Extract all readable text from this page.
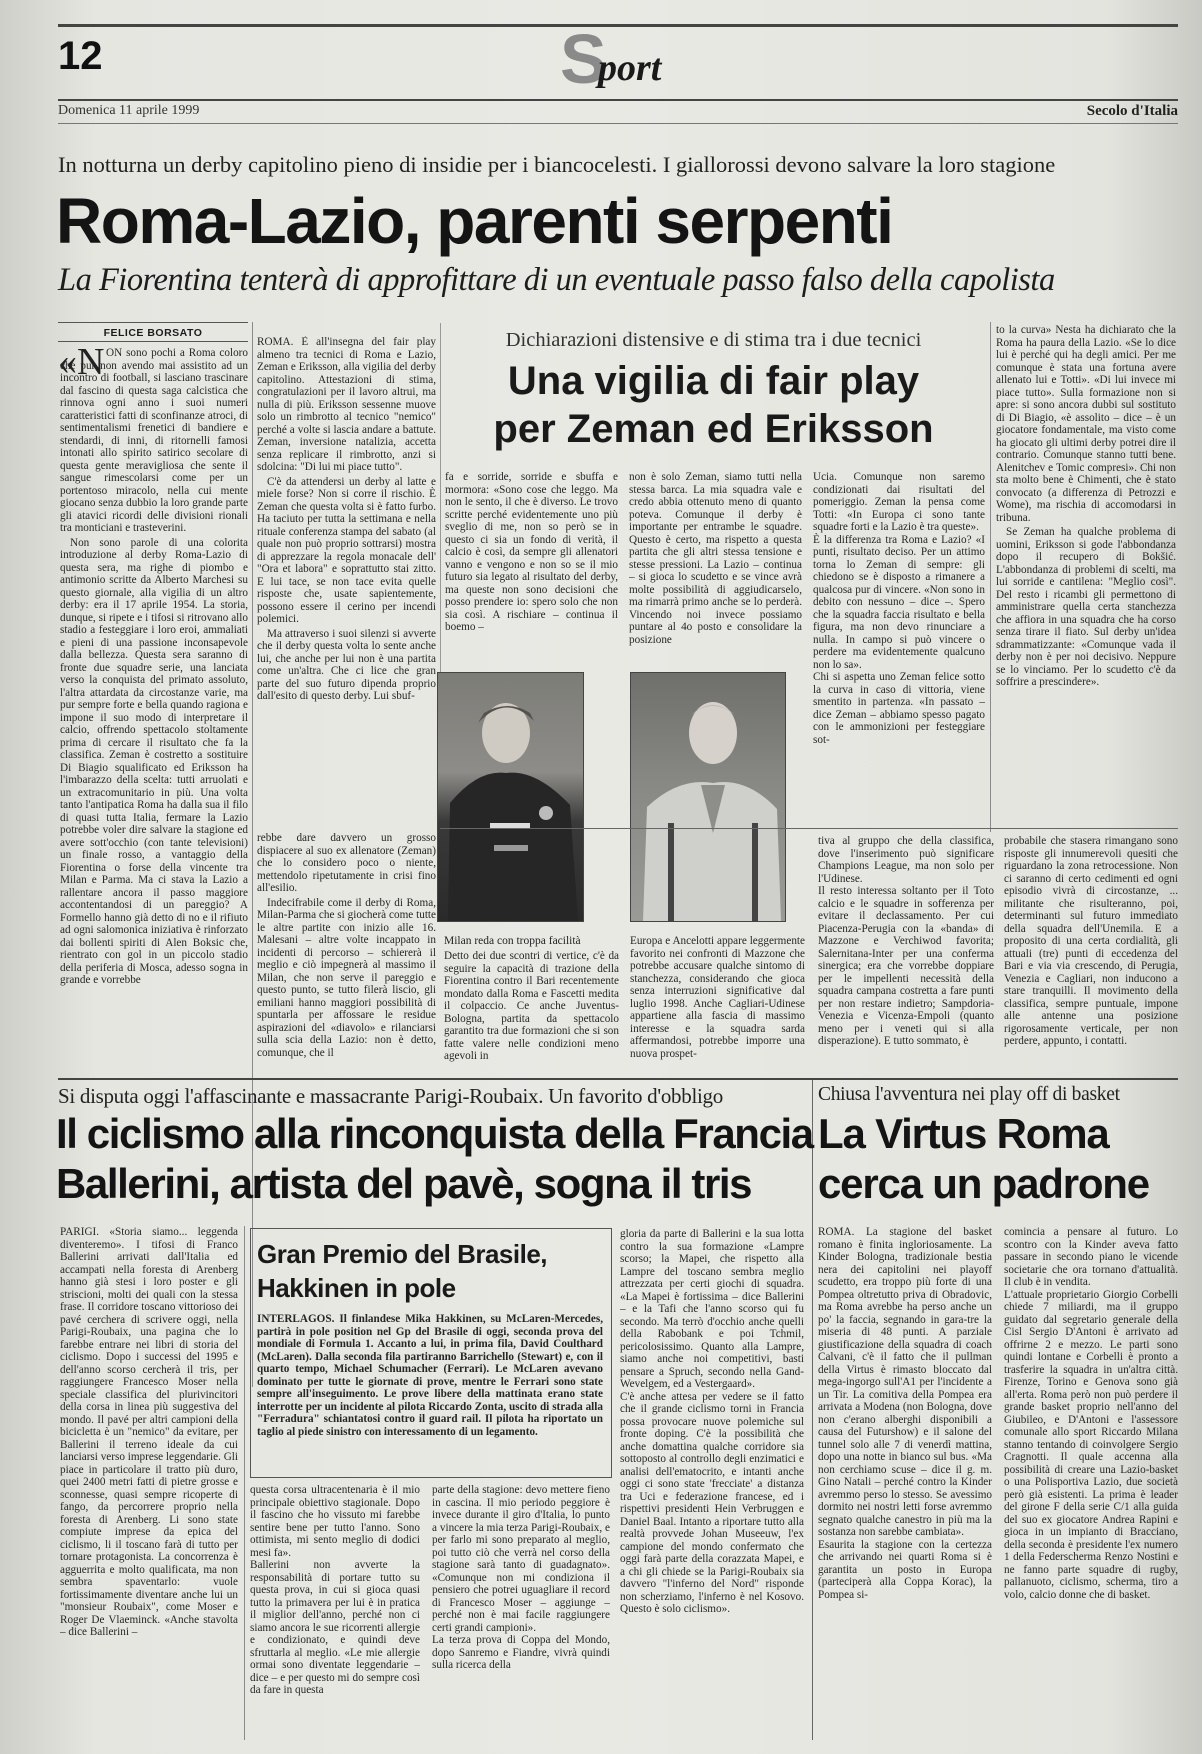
12	S
port
Domenica 11 aprile 1999	Secolo d'Italia
In notturna un derby capitolino pieno di insidie per i biancocelesti. I giallorossi devono salvare la loro stagione
Roma-Lazio, parenti serpenti
La Fiorentina tenterà di approfittare di un eventuale passo falso della capolista
FELICE BORSATO
«N ON sono pochi a Roma coloro che pur non avendo mai assistito ad un incontro di football, si lasciano trascinare dal fascino di questa saga calcistica che rinnova ogni anno i suoi numeri caratteristici fatti di sconfinanze atroci, di sentimentalismi frenetici di bandiere e stendardi, di inni, di ritornelli famosi intonati allo spirito satirico secolare di questa gente meravigliosa che sente il sangue rimescolarsi come per un portentoso miracolo, nella cui mente giocano senza dubbio la loro grande parte gli atavici ricordi delle divisioni rionali tra monticiani e trasteverini.

Non sono parole di una colorita introduzione al derby Roma-Lazio di questa sera, ma righe di piombo e antimonio scritte da Alberto Marchesi su questo giornale, alla vigilia di un altro derby: era il 17 aprile 1954. La storia, dunque, si ripete e i tifosi si ritrovano allo stadio a festeggiare i loro eroi, ammaliati e pieni di una passione inconsapevole dalla bellezza. Questa sera saranno di fronte due squadre serie, una lanciata verso la conquista del primato assoluto, l'altra attardata da circostanze varie, ma pur sempre forte e bella quando ragiona e impone il suo modo di interpretare il calcio, offrendo spettacolo stoltamente prima di cercare il risultato che fa la classifica. Zeman è costretto a sostituire Di Biagio squalificato ed Eriksson ha l'imbarazzo della scelta: tutti arruolati e un extracomunitario in più. Una volta tanto l'antipatica Roma ha dalla sua il filo di quasi tutta Italia, fermare la Lazio potrebbe voler dire salvare la stagione ed avere sott'occhio (con tante televisioni) un finale rosso, a vantaggio della Fiorentina o forse della vincente tra Milan e Parma. Ma ci stava la Lazio a rallentare ancora il passo maggiore accontentandosi di un pareggio? A Formello hanno già detto di no e il rifiuto ad ogni salomonica iniziativa è rinforzato dai bollenti spiriti di Alen Boksic che, rientrato con gol in un piccolo stadio della periferia di Mosca, adesso sogna in grande e vorrebbe

ROMA. È all'insegna del fair play almeno tra tecnici di Roma e Lazio, Zeman e Eriksson, alla vigilia del derby capitolino. Attestazioni di stima, congratulazioni per il lavoro altrui, ma nulla di più. Eriksson sessenne muove solo un rimbrotto al tecnico "nemico" perché a volte si lascia andare a battute. Zeman, inversione natalizia, accetta senza replicare il rimbrotto, anzi si sdolcina: "Di lui mi piace tutto".

C'è da attendersi un derby al latte e miele forse? Non si corre il rischio. È Zeman che questa volta si è fatto furbo. Ha taciuto per tutta la settimana e nella rituale conferenza stampa del sabato (al quale non può proprio sottrarsi) mostra di apprezzare la regola monacale dell' "Ora et labora" e soprattutto stai zitto. E lui tace, se non tace evita quelle risposte che, usate sapientemente, possono essere il cerino per incendi polemici.

Ma attraverso i suoi silenzi si avverte che il derby questa volta lo sente anche lui, che anche per lui non è una partita come un'altra. Che ci lice che gran parte del suo futuro dipenda proprio dall'esito di questo derby. Lui sbuf-

Dichiarazioni distensive e di stima tra i due tecnici
Una vigilia di fair play
per Zeman ed Eriksson
fa e sorride, sorride e sbuffa e mormora: «Sono cose che leggo. Ma non le sento, il che è diverso. Le trovo scritte perché evidentemente uno più sveglio di me, non so però se in questo ci sia un fondo di verità, il calcio è così, da sempre gli allenatori vanno e vengono e non so se il mio futuro sia legato al risultato del derby, ma queste non sono decisioni che posso prendere io: spero solo che non sia così. A rischiare – continua il boemo –
non è solo Zeman, siamo tutti nella stessa barca. La mia squadra vale e credo abbia ottenuto meno di quanto poteva. Comunque il derby è importante per entrambe le squadre. Questo è certo, ma rispetto a questa partita che gli altri stessa tensione e stesse pressioni. La Lazio – continua – si gioca lo scudetto e se vince avrà molte possibilità di aggiudicarselo, ma rimarrà primo anche se lo perderà. Vincendo noi invece possiamo puntare al 4o posto e consolidare la posizione
Ucia. Comunque non saremo condizionati dai risultati del pomeriggio. Zeman la pensa come Totti: «In Europa ci sono tante squadre forti e la Lazio è tra queste».
È la differenza tra Roma e Lazio? «I punti, risultato deciso. Per un attimo torna lo Zeman di sempre: gli chiedono se è disposto a rimanere a qualcosa pur di vincere. «Non sono in debito con nessuno – dice –. Spero che la squadra faccia risultato e bella figura, ma non devo rinunciare a nulla. In campo si può vincere o perdere ma evidentemente qualcuno non lo sa».
Chi si aspetta uno Zeman felice sotto la curva in caso di vittoria, viene smentito in partenza. «In passato – dice Zeman – abbiamo spesso pagato con le ammonizioni per festeggiare sot-

to la curva» Nesta ha dichiarato che la Roma ha paura della Lazio. «Se lo dice lui è perché qui ha degli amici. Per me comunque è stata una fortuna avere allenato lui e Totti». «Di lui invece mi piace tutto». Sulla formazione non si apre: si sono ancora dubbi sul sostituto di Di Biagio, «è assolito – dice – è un giocatore fondamentale, ma visto come ha giocato gli ultimi derby potrei dire il contrario. Comunque stanno tutti bene. Alenitchev e Tomic compresi». Chi non sta molto bene è Chimenti, che è stato convocato (a differenza di Petrozzi e Wome), ma rischia di accomodarsi in tribuna.

Se Zeman ha qualche problema di uomini, Eriksson si gode l'abbondanza dopo il recupero di Bokšić. L'abbondanza di problemi di scelti, ma lui sorride e cantilena: "Meglio così". Del resto i ricambi gli permettono di amministrare quella certa stanchezza che affiora in una squadra che ha corso senza tirare il fiato. Sul derby un'idea sdrammatizzante: «Comunque vada il derby non è per noi decisivo. Neppure se lo vinciamo. Per lo scudetto c'è da soffrire a prescindere».

rebbe dare davvero un grosso dispiacere al suo ex allenatore (Zeman) che lo considero poco o niente, mettendolo ripetutamente in crisi fino all'esilio.

Indecifrabile come il derby di Roma, Milan-Parma che si giocherà come tutte le altre partite con inizio alle 16. Malesani – altre volte incappato in incidenti di percorso – schiererà il meglio e ciò impegnerà al massimo il Milan, che non serve il pareggio e questo punto, se tutto filerà liscio, gli emiliani hanno maggiori possibilità di spuntarla per affossare le residue aspirazioni del «diavolo» e rilanciarsi sulla scia della Lazio: non è detto, comunque, che il

Milan reda con troppa facilità
Detto dei due scontri di vertice, c'è da seguire la capacità di trazione della Fiorentina contro il Bari recentemente mondato dalla Roma e Fascetti medita il colpaccio. Ce anche Juventus-Bologna, partita da spettacolo garantito tra due formazioni che si son fatte valere nelle condizioni meno agevoli in
Europa e Ancelotti appare leggermente favorito nei confronti di Mazzone che potrebbe accusare qualche sintomo di stanchezza, considerando che gioca senza interruzioni significative dal luglio 1998. Anche Cagliari-Udinese appartiene alla fascia di massimo interesse e la squadra sarda affermandosi, potrebbe imporre una nuova prospet-
tiva al gruppo che della classifica, dove l'inserimento può significare Champions League, ma non solo per l'Udinese.
Il resto interessa soltanto per il Toto calcio e le squadre in sofferenza per evitare il declassamento. Per cui Piacenza-Perugia con la «banda» di Mazzone e Verchiwod favorita; Salernitana-Inter per una conferma sinergica; era che vorrebbe doppiare per le impellenti necessità della squadra campana costretta a fare punti per non restare indietro; Sampdoria-Venezia e Vicenza-Empoli (quanto meno per i veneti qui si alla disperazione). E tutto sommato, è
probabile che stasera rimangano sono risposte gli innumerevoli quesiti che riguardano la zona retrocessione. Non ci saranno di certo cedimenti ed ogni episodio vivrà di circostanze, ... militante che risulteranno, poi, determinanti sul futuro immediato della squadra dell'Unemila. E a proposito di una certa cordialità, gli attuali (tre) punti di eccedenza del Bari e via via crescendo, di Perugia, Venezia e Cagliari, non inducono a stare tranquilli. Il movimento della classifica, sempre puntuale, impone alle antenne una posizione rigorosamente verticale, per non perdere, appunto, i contatti.
Si disputa oggi l'affascinante e massacrante Parigi-Roubaix. Un favorito d'obbligo
Il ciclismo alla rinconquista della Francia
Ballerini, artista del pavè, sogna il tris
PARIGI. «Storia siamo... leggenda diventeremo». I tifosi di Franco Ballerini arrivati dall'Italia ed accampati nella foresta di Arenberg hanno già stesi i loro poster e gli striscioni, molti dei quali con la stessa frase. Il corridore toscano vittorioso dei pavé cerchera di scrivere oggi, nella Parigi-Roubaix, una pagina che lo farebbe entrare nei libri di storia del ciclismo. Dopo i successi del 1995 e dell'anno scorso cercherà il tris, per raggiungere Francesco Moser nella speciale classifica del plurivincitori della corsa in linea più suggestiva del mondo. Il pavé per altri campioni della bicicletta è un "nemico" da evitare, per Ballerini il terreno ideale da cui lanciarsi verso imprese leggendarie. Gli piace in particolare il tratto più duro, quei 2400 metri fatti di pietre grosse e sconnesse, quasi sempre ricoperte di fango, da percorrere proprio nella foresta di Arenberg. Li sono state compiute imprese da epica del ciclismo, li il toscano farà di tutto per tornare protagonista. La concorrenza è agguerrita e molto qualificata, ma non sembra spaventarlo: vuole fortissimamente diventare anche lui un "monsieur Roubaix", come Moser e Roger De Vlaeminck. «Anche stavolta – dice Ballerini –
Gran Premio del Brasile,
Hakkinen in pole
INTERLAGOS. Il finlandese Mika Hakkinen, su McLaren-Mercedes, partirà in pole position nel Gp del Brasile di oggi, seconda prova del mondiale di Formula 1. Accanto a lui, in prima fila, David Coulthard (McLaren). Dalla seconda fila partiranno Barrichello (Stewart) e, con il quarto tempo, Michael Schumacher (Ferrari). Le McLaren avevano dominato per tutte le giornate di prove, mentre le Ferrari sono state sempre all'inseguimento. Le prove libere della mattinata erano state interrotte per un incidente al pilota Riccardo Zonta, uscito di strada alla "Ferradura" schiantatosi contro il guard rail. Il pilota ha riportato un taglio al piede sinistro con interessamento di un legamento.
questa corsa ultracentenaria è il mio principale obiettivo stagionale. Dopo il fascino che ho vissuto mi farebbe sentire bene per tutto l'anno. Sono ottimista, mi sento meglio di dodici mesi fa».
Ballerini non avverte la responsabilità di portare tutto su questa prova, in cui si gioca quasi tutto la primavera per lui è in pratica il miglior dell'anno, perché non ci siamo ancora le sue ricorrenti allergie e condizionato, e quindi deve sfruttarla al meglio. «Le mie allergie ormai sono diventate leggendarie – dice – e per questo mi do sempre così da fare in questa
parte della stagione: devo mettere fieno in cascina. Il mio periodo peggiore è invece durante il giro d'Italia, lo punto a vincere la mia terza Parigi-Roubaix, e per farlo mi sono preparato al meglio, poi tutto ciò che verrà nel corso della stagione sarà tanto di guadagnato». «Comunque non mi condiziona il pensiero che potrei uguagliare il record di Francesco Moser – aggiunge – perché non è mai facile raggiungere certi grandi campioni».
La terza prova di Coppa del Mondo, dopo Sanremo e Fiandre, vivrà quindi sulla ricerca della
gloria da parte di Ballerini e la sua lotta contro la sua formazione «Lampre scorso; la Mapei, che rispetto alla Lampre del toscano sembra meglio attrezzata per certi giochi di squadra. «La Mapei è fortissima – dice Ballerini – e la Tafi che l'anno scorso qui fu secondo. Ma terrò d'occhio anche quelli della Rabobank e poi Tchmil, pericolosissimo. Quanto alla Lampre, siamo anche noi competitivi, basti pensare a Spruch, secondo nella Gand-Wevelgem, ed a Vestergaard».
C'è anche attesa per vedere se il fatto che il grande ciclismo torni in Francia possa provocare nuove polemiche sul fronte doping. C'è la possibilità che anche domattina qualche corridore sia sottoposto al controllo degli enzimatici e analisi dell'ematocrito, e intanti anche oggi ci sono state 'frecciate' a distanza tra Uci e federazione francese, ed i rispettivi presidenti Hein Verbruggen e Daniel Baal. Intanto a riportare tutto alla realtà provvede Johan Museeuw, l'ex campione del mondo confermato che oggi farà parte della corazzata Mapei, e a chi gli chiede se la Parigi-Roubaix sia davvero "l'inferno del Nord" risponde non scherziamo, l'inferno è nel Kosovo. Questo è solo ciclismo».
Chiusa l'avventura nei play off di basket
La Virtus Roma
cerca un padrone
ROMA. La stagione del basket romano è finita ingloriosamente. La Kinder Bologna, tradizionale bestia nera dei capitolini nei playoff scudetto, era troppo più forte di una Pompea oltretutto priva di Obradovic, ma Roma avrebbe ha perso anche un po' la faccia, segnando in gara-tre la miseria di 48 punti. A parziale giustificazione della squadra di coach Calvani, c'è il fatto che il pullman della Virtus è rimasto bloccato dal mega-ingorgo sull'A1 per l'incidente a un Tir. La comitiva della Pompea era arrivata a Modena (non Bologna, dove non c'erano alberghi disponibili a causa del Futurshow) e il salone del tunnel solo alle 7 di venerdì mattina, dopo una notte in bianco sul bus. «Ma non cerchiamo scuse – dice il g. m. Gino Natali – perché contro la Kinder avremmo perso lo stesso. Se avessimo dormito nei nostri letti forse avremmo segnato qualche canestro in più ma la sostanza non sarebbe cambiata».
Esaurita la stagione con la certezza che arrivando nei quarti Roma si è garantita un posto in Europa (parteciperà alla Coppa Korac), la Pompea si-
comincia a pensare al futuro. Lo scontro con la Kinder aveva fatto passare in secondo piano le vicende societarie che ora tornano d'attualità. Il club è in vendita.
L'attuale proprietario Giorgio Corbelli chiede 7 miliardi, ma il gruppo guidato dal segretario generale della Cisl Sergio D'Antoni è arrivato ad offrirne 2 e mezzo. Le parti sono quindi lontane e Corbelli è pronto a trasferire la squadra in un'altra città. Firenze, Torino e Genova sono già all'erta. Roma però non può perdere il grande basket proprio nell'anno del Giubileo, e D'Antoni e l'assessore comunale allo sport Riccardo Milana stanno tentando di coinvolgere Sergio Cragnotti. Il quale accenna alla possibilità di creare una Lazio-basket o una Polisportiva Lazio, due società però già esistenti. La prima è leader del girone F della serie C/1 alla guida del suo ex giocatore Andrea Rapini e gioca in un impianto di Bracciano, della seconda è presidente l'ex numero 1 della Federscherma Renzo Nostini e ne fanno parte squadre di rugby, pallanuoto, ciclismo, scherma, tiro a volo, calcio donne che di basket.
